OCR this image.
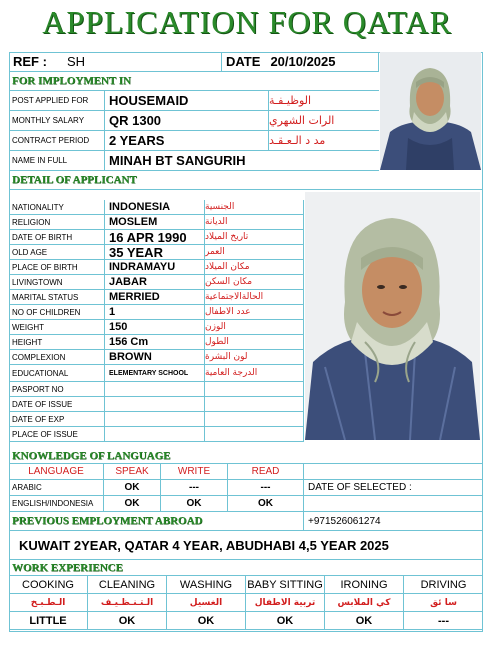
APPLICATION FOR QATAR
REF : SH	DATE 20/10/2025
FOR IMPLOYMENT IN
POST APPLIED FOR	HOUSEMAID	الوظيـفـة
MONTHLY SALARY	QR 1300	الرات الشهري
CONTRACT PERIOD	2 YEARS	مد د الـعـقـد
NAME IN FULL	MINAH BT SANGURIH
DETAIL OF APPLICANT
NATIONALITY	INDONESIA	الجنسية
RELIGION	MOSLEM	الديانة
DATE OF BIRTH	16 APR 1990	تاريخ الميلاد
OLD AGE	35 YEAR	العمر
PLACE OF BIRTH	INDRAMAYU	مكان الميلاد
LIVINGTOWN	JABAR	مكان السكن
MARITAL STATUS	MERRIED	الحالةالاجتماعية
NO OF CHILDREN	1	عدد الاطفال
WEIGHT	150	الوزن
HEIGHT	156 Cm	الطول
COMPLEXION	BROWN	لون البشرة
EDUCATIONAL	ELEMENTARY SCHOOL	الدرجة العامية
PASPORT NO
DATE OF ISSUE
DATE OF EXP
PLACE OF ISSUE
KNOWLEDGE OF LANGUAGE
LANGUAGE	SPEAK	WRITE	READ
ARABIC	OK	---	---
ENGLISH/INDONESIA	OK	OK	OK
DATE OF SELECTED :
PREVIOUS EMPLOYMENT ABROAD	+971526061274
KUWAIT 2YEAR, QATAR 4 YEAR, ABUDHABI 4,5 YEAR 2025
WORK EXPERIENCE
COOKING	CLEANING	WASHING	BABY SITTING	IRONING	DRIVING
الـطـبـخ	الـتـنـظـيـف	الغسيل	تربية الاطفال	كي الملابس	سا ئق
LITTLE	OK	OK	OK	OK	---
